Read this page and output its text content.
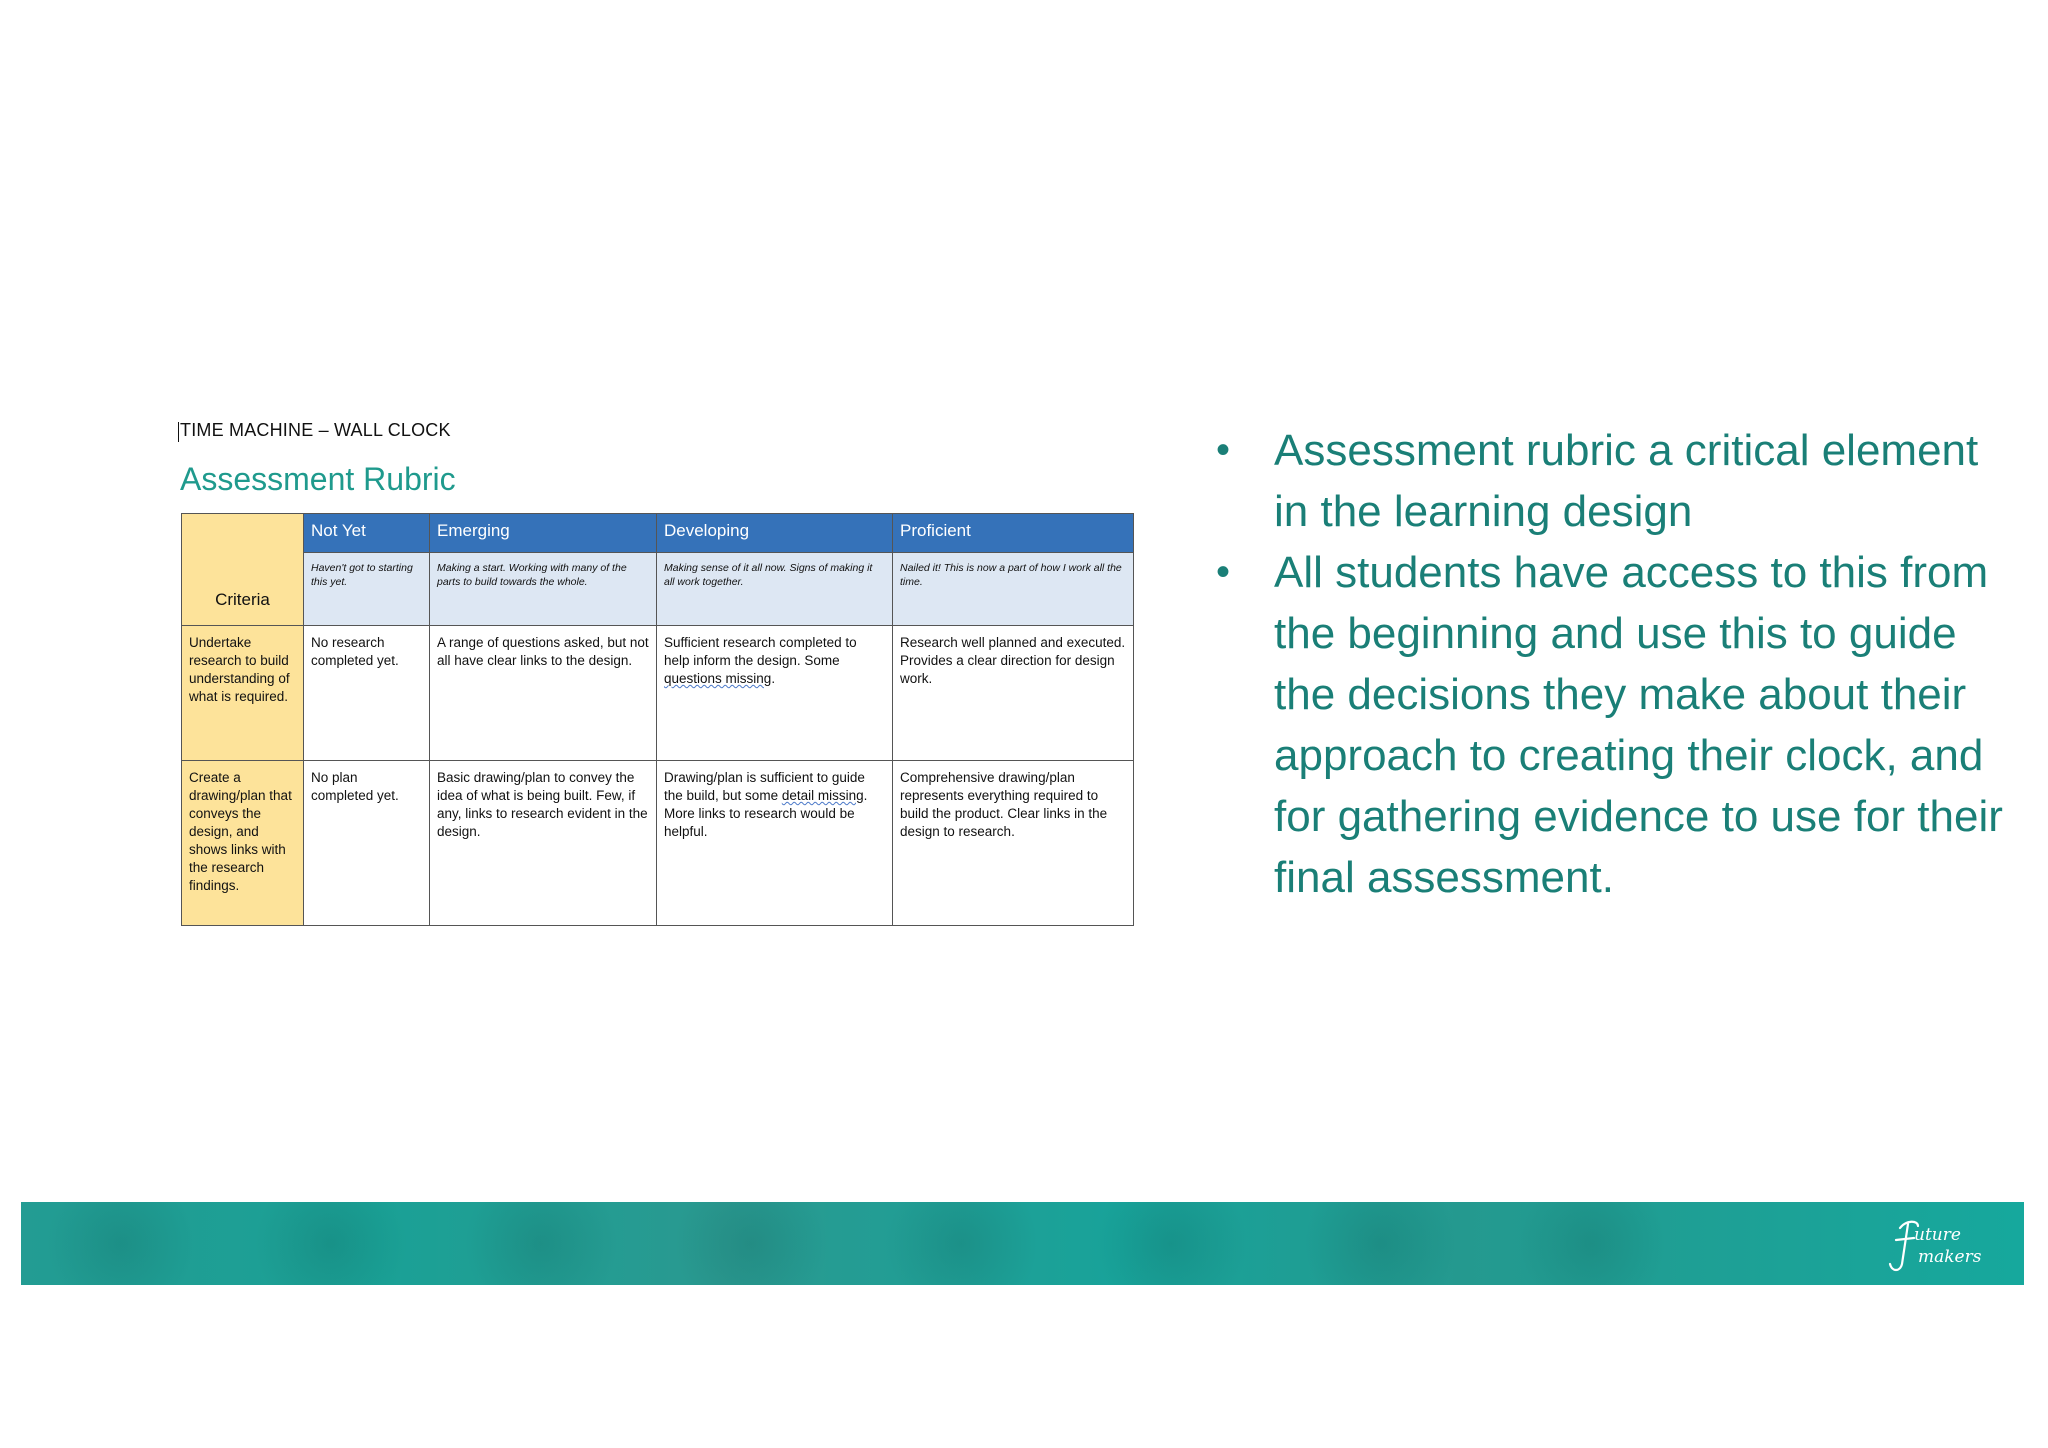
TIME MACHINE – WALL CLOCK
Assessment Rubric
Criteria	Not Yet	Emerging	Developing	Proficient
	Haven't got to starting this yet.	Making a start. Working with many of the parts to build towards the whole.	Making sense of it all now. Signs of making it all work together.	Nailed it! This is now a part of how I work all the time.
Undertake research to build understanding of what is required.	No research completed yet.	A range of questions asked, but not all have clear links to the design.	Sufficient research completed to help inform the design. Some questions missing.	Research well planned and executed. Provides a clear direction for design work.
Create a drawing/plan that conveys the design, and shows links with the research findings.	No plan completed yet.	Basic drawing/plan to convey the idea of what is being built. Few, if any, links to research evident in the design.	Drawing/plan is sufficient to guide the build, but some detail missing. More links to research would be helpful.	Comprehensive drawing/plan represents everything required to build the product. Clear links in the design to research.
• Assessment rubric a critical element in the learning design
• All students have access to this from the beginning and use this to guide the decisions they make about their approach to creating their clock, and for gathering evidence to use for their final assessment.
uture
makers
